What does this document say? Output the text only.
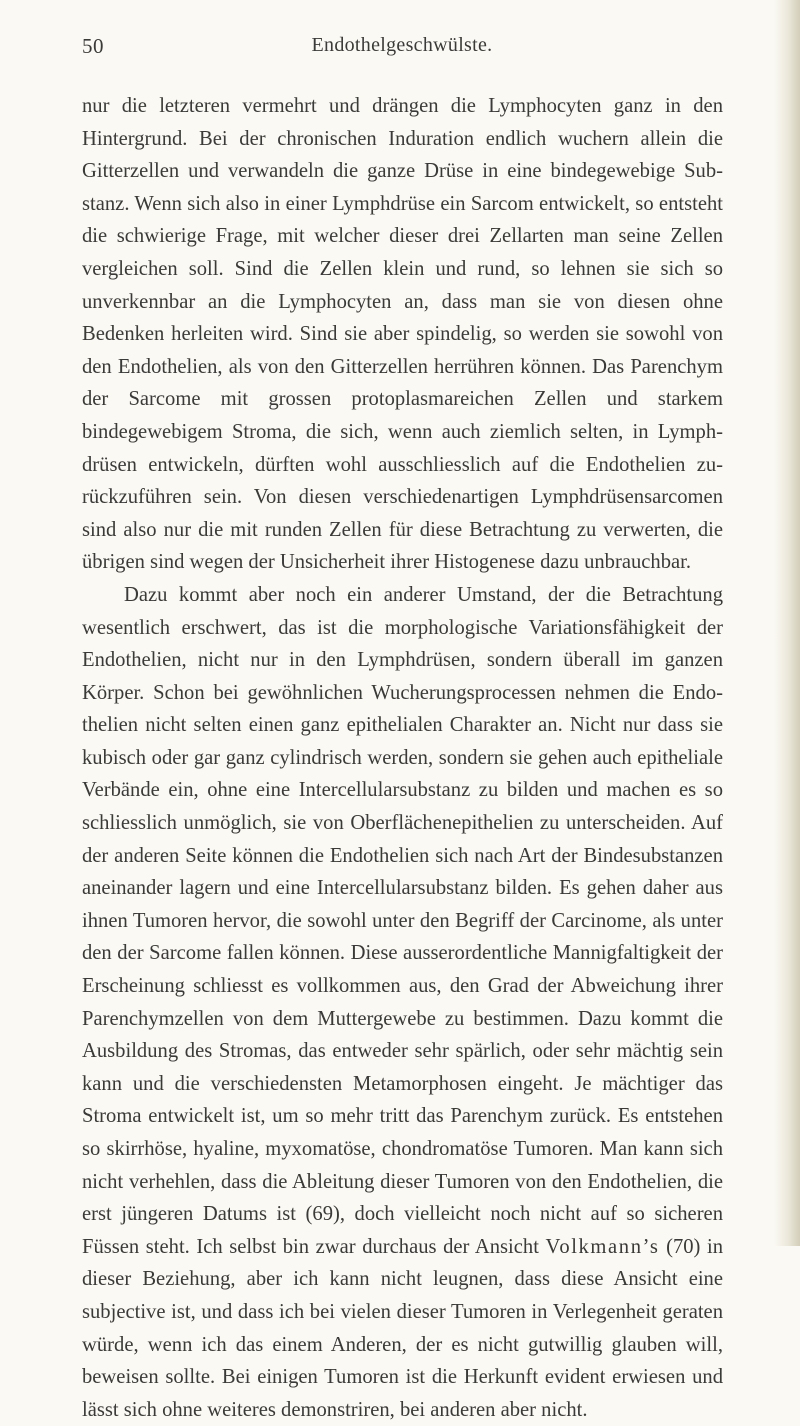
50	Endothelgeschwülste.

nur die letzteren vermehrt und drängen die Lymphocyten ganz in den Hintergrund. Bei der chronischen Induration endlich wuchern allein die Gitterzellen und verwandeln die ganze Drüse in eine bindegewebige Substanz. Wenn sich also in einer Lymphdrüse ein Sarcom entwickelt, so entsteht die schwierige Frage, mit welcher dieser drei Zellarten man seine Zellen vergleichen soll. Sind die Zellen klein und rund, so lehnen sie sich so unverkennbar an die Lymphocyten an, dass man sie von diesen ohne Bedenken herleiten wird. Sind sie aber spindelig, so werden sie sowohl von den Endothelien, als von den Gitterzellen herrühren können. Das Parenchym der Sarcome mit grossen protoplasmareichen Zellen und starkem bindegewebigem Stroma, die sich, wenn auch ziemlich selten, in Lymphdrüsen entwickeln, dürften wohl ausschliesslich auf die Endothelien zurückzuführen sein. Von diesen verschiedenartigen Lymphdrüsensarcomen sind also nur die mit runden Zellen für diese Betrachtung zu verwerten, die übrigen sind wegen der Unsicherheit ihrer Histogenese dazu unbrauchbar.

Dazu kommt aber noch ein anderer Umstand, der die Betrachtung wesentlich erschwert, das ist die morphologische Variationsfähigkeit der Endothelien, nicht nur in den Lymphdrüsen, sondern überall im ganzen Körper. Schon bei gewöhnlichen Wucherungsprocessen nehmen die Endothelien nicht selten einen ganz epithelialen Charakter an. Nicht nur dass sie kubisch oder gar ganz cylindrisch werden, sondern sie gehen auch epitheliale Verbände ein, ohne eine Intercellularsubstanz zu bilden und machen es so schliesslich unmöglich, sie von Oberflächenepithelien zu unterscheiden. Auf der anderen Seite können die Endothelien sich nach Art der Bindesubstanzen aneinander lagern und eine Intercellularsubstanz bilden. Es gehen daher aus ihnen Tumoren hervor, die sowohl unter den Begriff der Carcinome, als unter den der Sarcome fallen können. Diese ausserordentliche Mannigfaltigkeit der Erscheinung schliesst es vollkommen aus, den Grad der Abweichung ihrer Parenchymzellen von dem Muttergewebe zu bestimmen. Dazu kommt die Ausbildung des Stromas, das entweder sehr spärlich, oder sehr mächtig sein kann und die verschiedensten Metamorphosen eingeht. Je mächtiger das Stroma entwickelt ist, um so mehr tritt das Parenchym zurück. Es entstehen so skirrhöse, hyaline, myxomatöse, chondromatöse Tumoren. Man kann sich nicht verhehlen, dass die Ableitung dieser Tumoren von den Endothelien, die erst jüngeren Datums ist (69), doch vielleicht noch nicht auf so sicheren Füssen steht. Ich selbst bin zwar durchaus der Ansicht Volkmann’s (70) in dieser Beziehung, aber ich kann nicht leugnen, dass diese Ansicht eine subjective ist, und dass ich bei vielen dieser Tumoren in Verlegenheit geraten würde, wenn ich das einem Anderen, der es nicht gutwillig glauben will, beweisen sollte. Bei einigen Tumoren ist die Herkunft evident erwiesen und lässt sich ohne weiteres demonstriren, bei anderen aber nicht.
